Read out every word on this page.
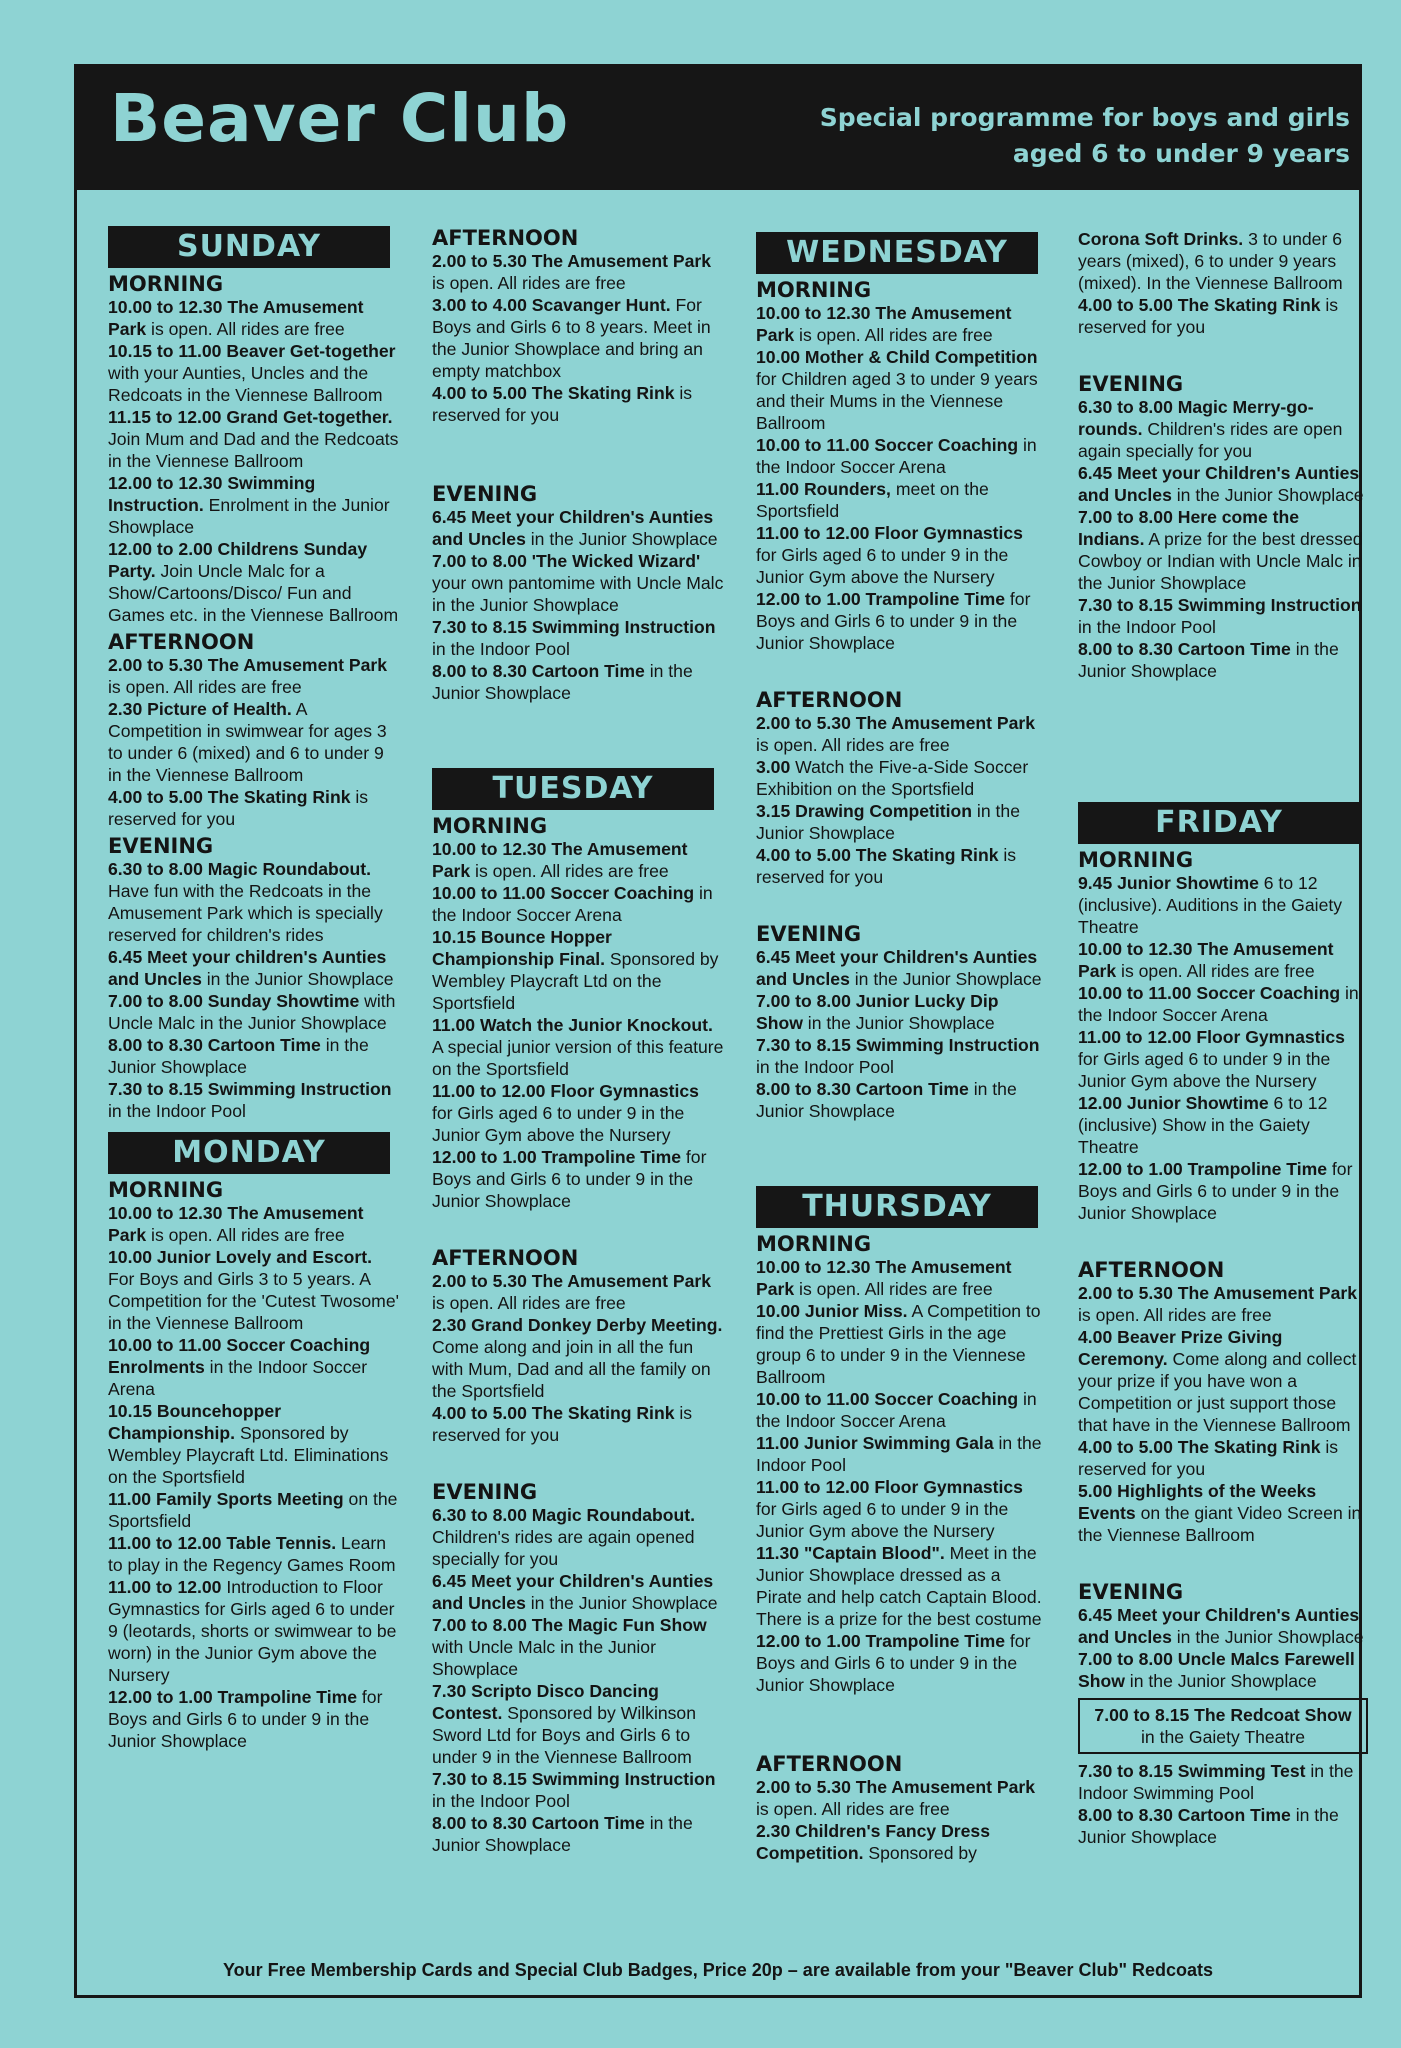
Beaver Club	Special programme for boys and girls
aged 6 to under 9 years
SUNDAY
MORNING

10.00 to 12.30 The Amusement Park is open. All rides are free

10.15 to 11.00 Beaver Get-together with your Aunties, Uncles and the Redcoats in the Viennese Ballroom

11.15 to 12.00 Grand Get-together. Join Mum and Dad and the Redcoats in the Viennese Ballroom

12.00 to 12.30 Swimming Instruction. Enrolment in the Junior Showplace

12.00 to 2.00 Childrens Sunday Party. Join Uncle Malc for a Show/Cartoons/Disco/ Fun and Games etc. in the Viennese Ballroom

AFTERNOON

2.00 to 5.30 The Amusement Park is open. All rides are free

2.30 Picture of Health. A Competition in swimwear for ages 3 to under 6 (mixed) and 6 to under 9 in the Viennese Ballroom

4.00 to 5.00 The Skating Rink is reserved for you

EVENING

6.30 to 8.00 Magic Roundabout. Have fun with the Redcoats in the Amusement Park which is specially reserved for children's rides

6.45 Meet your children's Aunties and Uncles in the Junior Showplace

7.00 to 8.00 Sunday Showtime with Uncle Malc in the Junior Showplace

8.00 to 8.30 Cartoon Time in the Junior Showplace

7.30 to 8.15 Swimming Instruction in the Indoor Pool

MONDAY
MORNING

10.00 to 12.30 The Amusement Park is open. All rides are free

10.00 Junior Lovely and Escort. For Boys and Girls 3 to 5 years. A Competition for the 'Cutest Twosome' in the Viennese Ballroom

10.00 to 11.00 Soccer Coaching Enrolments in the Indoor Soccer Arena

10.15 Bouncehopper Championship. Sponsored by Wembley Playcraft Ltd. Eliminations on the Sportsfield

11.00 Family Sports Meeting on the Sportsfield

11.00 to 12.00 Table Tennis. Learn to play in the Regency Games Room

11.00 to 12.00 Introduction to Floor Gymnastics for Girls aged 6 to under 9 (leotards, shorts or swimwear to be worn) in the Junior Gym above the Nursery

12.00 to 1.00 Trampoline Time for Boys and Girls 6 to under 9 in the Junior Showplace

AFTERNOON

2.00 to 5.30 The Amusement Park is open. All rides are free

3.00 to 4.00 Scavanger Hunt. For Boys and Girls 6 to 8 years. Meet in the Junior Showplace and bring an empty matchbox

4.00 to 5.00 The Skating Rink is reserved for you

EVENING

6.45 Meet your Children's Aunties and Uncles in the Junior Showplace

7.00 to 8.00 'The Wicked Wizard' your own pantomime with Uncle Malc in the Junior Showplace

7.30 to 8.15 Swimming Instruction in the Indoor Pool

8.00 to 8.30 Cartoon Time in the Junior Showplace

TUESDAY
MORNING

10.00 to 12.30 The Amusement Park is open. All rides are free

10.00 to 11.00 Soccer Coaching in the Indoor Soccer Arena

10.15 Bounce Hopper Championship Final. Sponsored by Wembley Playcraft Ltd on the Sportsfield

11.00 Watch the Junior Knockout. A special junior version of this feature on the Sportsfield

11.00 to 12.00 Floor Gymnastics for Girls aged 6 to under 9 in the Junior Gym above the Nursery

12.00 to 1.00 Trampoline Time for Boys and Girls 6 to under 9 in the Junior Showplace

AFTERNOON

2.00 to 5.30 The Amusement Park is open. All rides are free

2.30 Grand Donkey Derby Meeting. Come along and join in all the fun with Mum, Dad and all the family on the Sportsfield

4.00 to 5.00 The Skating Rink is reserved for you

EVENING

6.30 to 8.00 Magic Roundabout. Children's rides are again opened specially for you

6.45 Meet your Children's Aunties and Uncles in the Junior Showplace

7.00 to 8.00 The Magic Fun Show with Uncle Malc in the Junior Showplace

7.30 Scripto Disco Dancing Contest. Sponsored by Wilkinson Sword Ltd for Boys and Girls 6 to under 9 in the Viennese Ballroom

7.30 to 8.15 Swimming Instruction in the Indoor Pool

8.00 to 8.30 Cartoon Time in the Junior Showplace

WEDNESDAY
MORNING

10.00 to 12.30 The Amusement Park is open. All rides are free

10.00 Mother & Child Competition for Children aged 3 to under 9 years and their Mums in the Viennese Ballroom

10.00 to 11.00 Soccer Coaching in the Indoor Soccer Arena

11.00 Rounders, meet on the Sportsfield

11.00 to 12.00 Floor Gymnastics for Girls aged 6 to under 9 in the Junior Gym above the Nursery

12.00 to 1.00 Trampoline Time for Boys and Girls 6 to under 9 in the Junior Showplace

AFTERNOON

2.00 to 5.30 The Amusement Park is open. All rides are free

3.00 Watch the Five-a-Side Soccer Exhibition on the Sportsfield

3.15 Drawing Competition in the Junior Showplace

4.00 to 5.00 The Skating Rink is reserved for you

EVENING

6.45 Meet your Children's Aunties and Uncles in the Junior Showplace

7.00 to 8.00 Junior Lucky Dip Show in the Junior Showplace

7.30 to 8.15 Swimming Instruction in the Indoor Pool

8.00 to 8.30 Cartoon Time in the Junior Showplace

THURSDAY
MORNING

10.00 to 12.30 The Amusement Park is open. All rides are free

10.00 Junior Miss. A Competition to find the Prettiest Girls in the age group 6 to under 9 in the Viennese Ballroom

10.00 to 11.00 Soccer Coaching in the Indoor Soccer Arena

11.00 Junior Swimming Gala in the Indoor Pool

11.00 to 12.00 Floor Gymnastics for Girls aged 6 to under 9 in the Junior Gym above the Nursery

11.30 "Captain Blood". Meet in the Junior Showplace dressed as a Pirate and help catch Captain Blood. There is a prize for the best costume

12.00 to 1.00 Trampoline Time for Boys and Girls 6 to under 9 in the Junior Showplace

AFTERNOON

2.00 to 5.30 The Amusement Park is open. All rides are free

2.30 Children's Fancy Dress Competition. Sponsored by

Corona Soft Drinks. 3 to under 6 years (mixed), 6 to under 9 years (mixed). In the Viennese Ballroom

4.00 to 5.00 The Skating Rink is reserved for you

EVENING

6.30 to 8.00 Magic Merry-go-rounds. Children's rides are open again specially for you

6.45 Meet your Children's Aunties and Uncles in the Junior Showplace

7.00 to 8.00 Here come the Indians. A prize for the best dressed Cowboy or Indian with Uncle Malc in the Junior Showplace

7.30 to 8.15 Swimming Instruction in the Indoor Pool

8.00 to 8.30 Cartoon Time in the Junior Showplace

FRIDAY
MORNING

9.45 Junior Showtime 6 to 12 (inclusive). Auditions in the Gaiety Theatre

10.00 to 12.30 The Amusement Park is open. All rides are free

10.00 to 11.00 Soccer Coaching in the Indoor Soccer Arena

11.00 to 12.00 Floor Gymnastics for Girls aged 6 to under 9 in the Junior Gym above the Nursery

12.00 Junior Showtime 6 to 12 (inclusive) Show in the Gaiety Theatre

12.00 to 1.00 Trampoline Time for Boys and Girls 6 to under 9 in the Junior Showplace

AFTERNOON

2.00 to 5.30 The Amusement Park is open. All rides are free

4.00 Beaver Prize Giving Ceremony. Come along and collect your prize if you have won a Competition or just support those that have in the Viennese Ballroom

4.00 to 5.00 The Skating Rink is reserved for you

5.00 Highlights of the Weeks Events on the giant Video Screen in the Viennese Ballroom

EVENING

6.45 Meet your Children's Aunties and Uncles in the Junior Showplace

7.00 to 8.00 Uncle Malcs Farewell Show in the Junior Showplace

7.00 to 8.15 The Redcoat Show in the Gaiety Theatre

7.30 to 8.15 Swimming Test in the Indoor Swimming Pool

8.00 to 8.30 Cartoon Time in the Junior Showplace

Your Free Membership Cards and Special Club Badges, Price 20p – are available from your "Beaver Club" Redcoats
